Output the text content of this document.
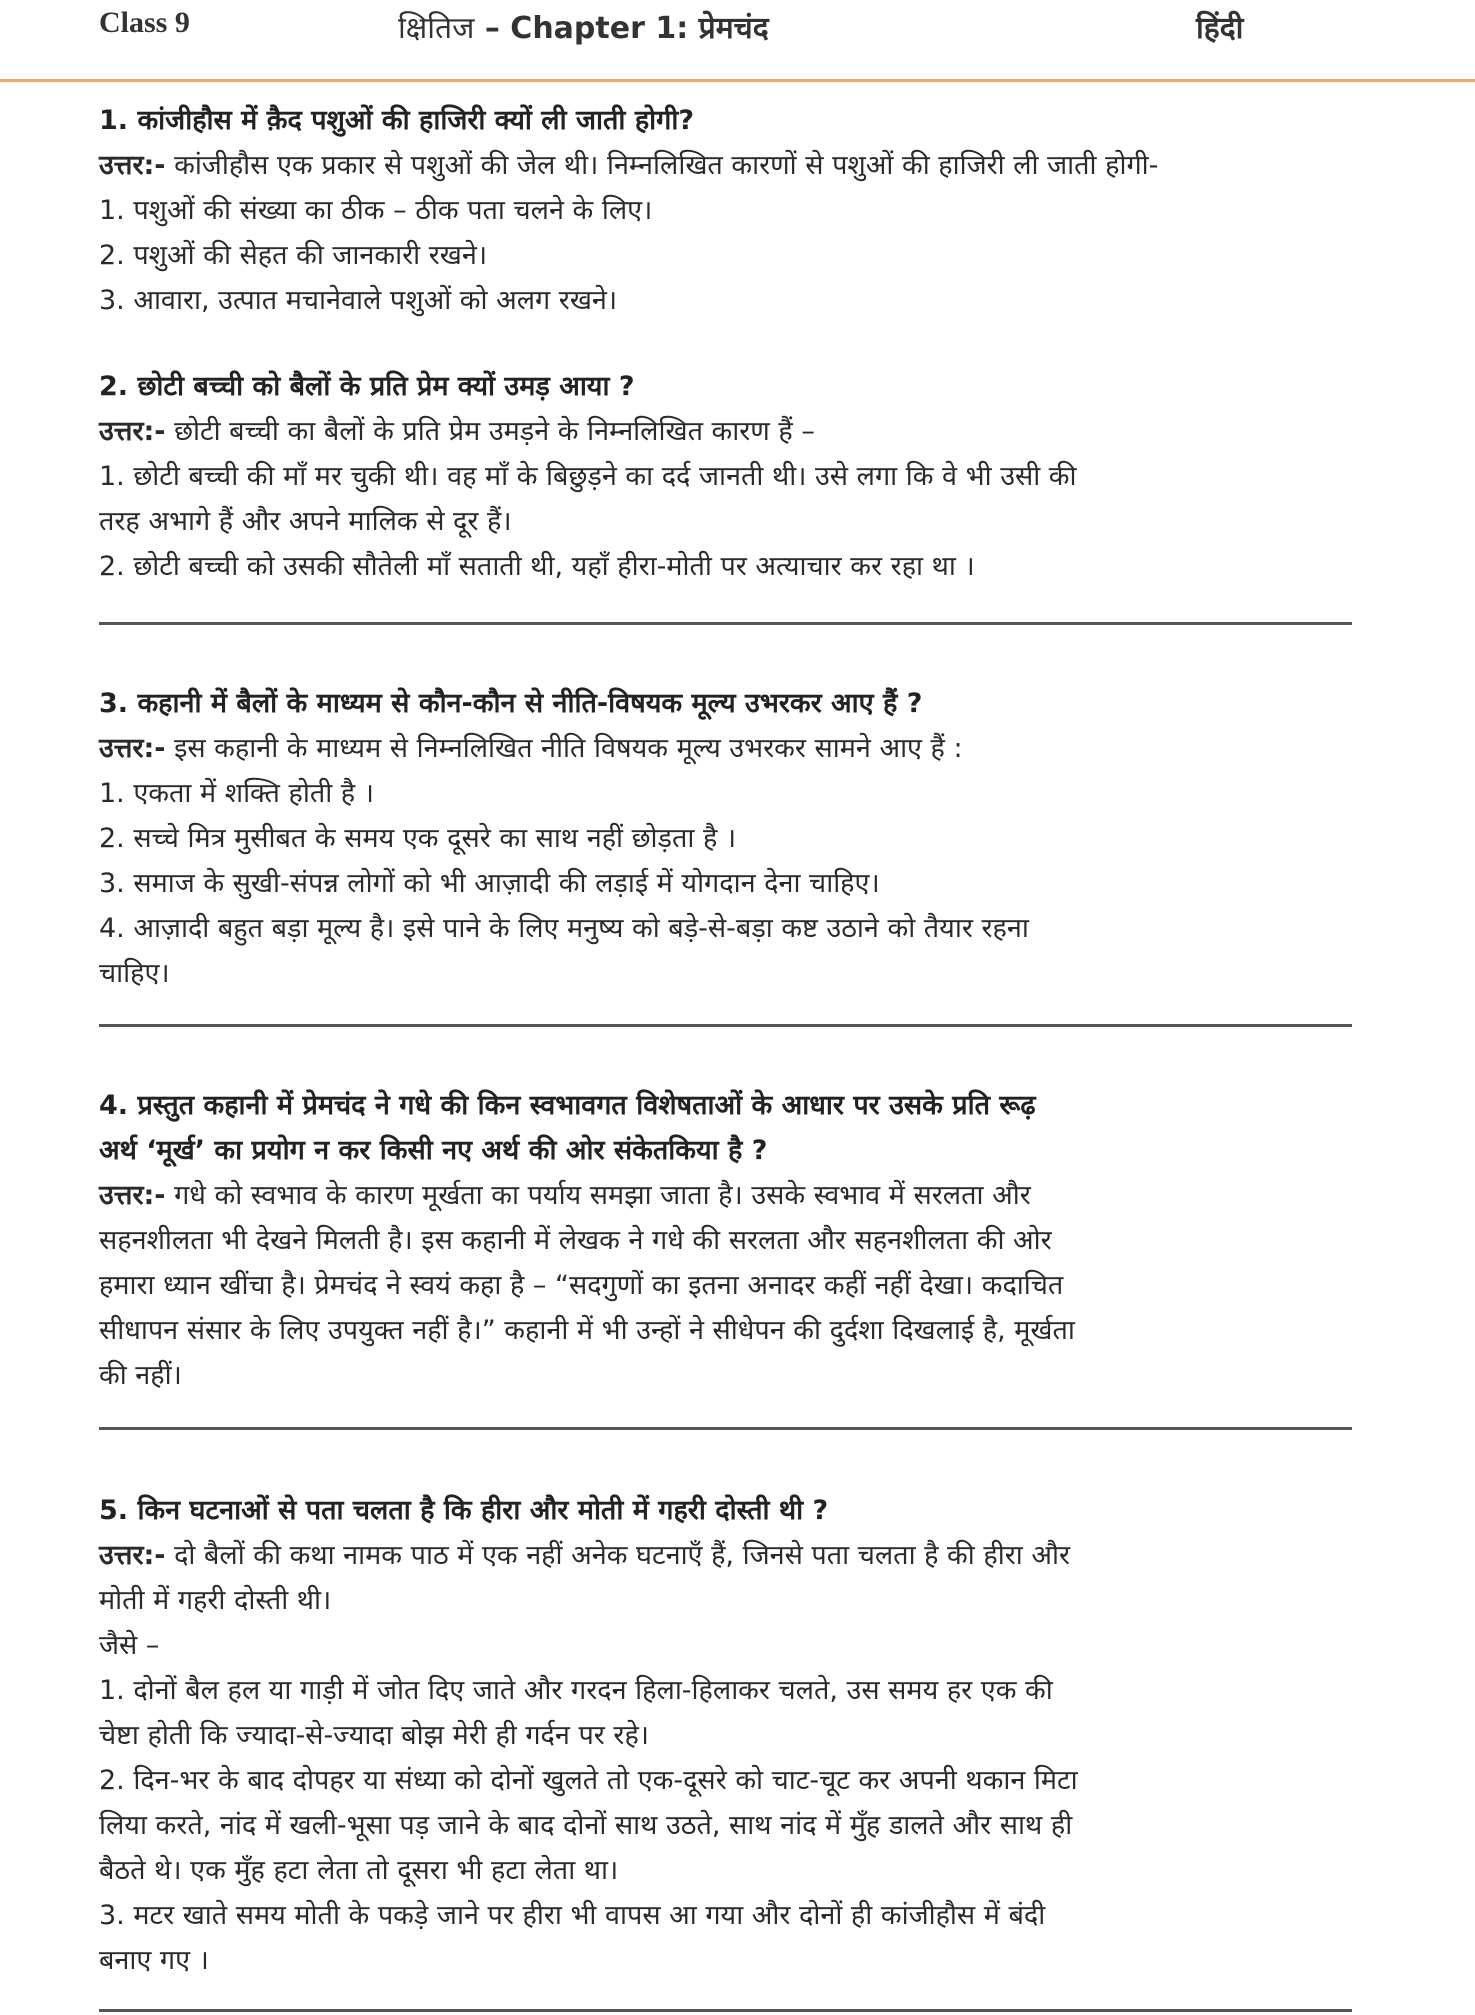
Class 9	क्षितिज – Chapter 1: प्रेमचंद	हिंदी
1. कांजीहौस में क़ैद पशुओं की हाजिरी क्यों ली जाती होगी?
उत्तर:- कांजीहौस एक प्रकार से पशुओं की जेल थी। निम्नलिखित कारणों से पशुओं की हाजिरी ली जाती होगी-
1. पशुओं की संख्या का ठीक – ठीक पता चलने के लिए।
2. पशुओं की सेहत की जानकारी रखने।
3. आवारा, उत्पात मचानेवाले पशुओं को अलग रखने।
2. छोटी बच्ची को बैलों के प्रति प्रेम क्यों उमड़ आया ?
उत्तर:- छोटी बच्ची का बैलों के प्रति प्रेम उमड़ने के निम्नलिखित कारण हैं –
1. छोटी बच्ची की माँ मर चुकी थी। वह माँ के बिछुड़ने का दर्द जानती थी। उसे लगा कि वे भी उसी की
तरह अभागे हैं और अपने मालिक से दूर हैं।
2. छोटी बच्ची को उसकी सौतेली माँ सताती थी, यहाँ हीरा-मोती पर अत्याचार कर रहा था ।
3. कहानी में बैलों के माध्यम से कौन-कौन से नीति-विषयक मूल्य उभरकर आए हैं ?
उत्तर:- इस कहानी के माध्यम से निम्नलिखित नीति विषयक मूल्य उभरकर सामने आए हैं :
1. एकता में शक्ति होती है ।
2. सच्चे मित्र मुसीबत के समय एक दूसरे का साथ नहीं छोड़ता है ।
3. समाज के सुखी-संपन्न लोगों को भी आज़ादी की लड़ाई में योगदान देना चाहिए।
4. आज़ादी बहुत बड़ा मूल्य है। इसे पाने के लिए मनुष्य को बड़े-से-बड़ा कष्ट उठाने को तैयार रहना
चाहिए।
4. प्रस्तुत कहानी में प्रेमचंद ने गधे की किन स्वभावगत विशेषताओं के आधार पर उसके प्रति रूढ़
अर्थ ‘मूर्ख’ का प्रयोग न कर किसी नए अर्थ की ओर संकेतकिया है ?
उत्तर:- गधे को स्वभाव के कारण मूर्खता का पर्याय समझा जाता है। उसके स्वभाव में सरलता और
सहनशीलता भी देखने मिलती है। इस कहानी में लेखक ने गधे की सरलता और सहनशीलता की ओर
हमारा ध्यान खींचा है। प्रेमचंद ने स्वयं कहा है – “सदगुणों का इतना अनादर कहीं नहीं देखा। कदाचित
सीधापन संसार के लिए उपयुक्त नहीं है।” कहानी में भी उन्हों ने सीधेपन की दुर्दशा दिखलाई है, मूर्खता
की नहीं।
5. किन घटनाओं से पता चलता है कि हीरा और मोती में गहरी दोस्ती थी ?
उत्तर:- दो बैलों की कथा नामक पाठ में एक नहीं अनेक घटनाएँ हैं, जिनसे पता चलता है की हीरा और
मोती में गहरी दोस्ती थी।
जैसे –
1. दोनों बैल हल या गाड़ी में जोत दिए जाते और गरदन हिला-हिलाकर चलते, उस समय हर एक की
चेष्टा होती कि ज्यादा-से-ज्यादा बोझ मेरी ही गर्दन पर रहे।
2. दिन-भर के बाद दोपहर या संध्या को दोनों खुलते तो एक-दूसरे को चाट-चूट कर अपनी थकान मिटा
लिया करते, नांद में खली-भूसा पड़ जाने के बाद दोनों साथ उठते, साथ नांद में मुँह डालते और साथ ही
बैठते थे। एक मुँह हटा लेता तो दूसरा भी हटा लेता था।
3. मटर खाते समय मोती के पकड़े जाने पर हीरा भी वापस आ गया और दोनों ही कांजीहौस में बंदी
बनाए गए ।
